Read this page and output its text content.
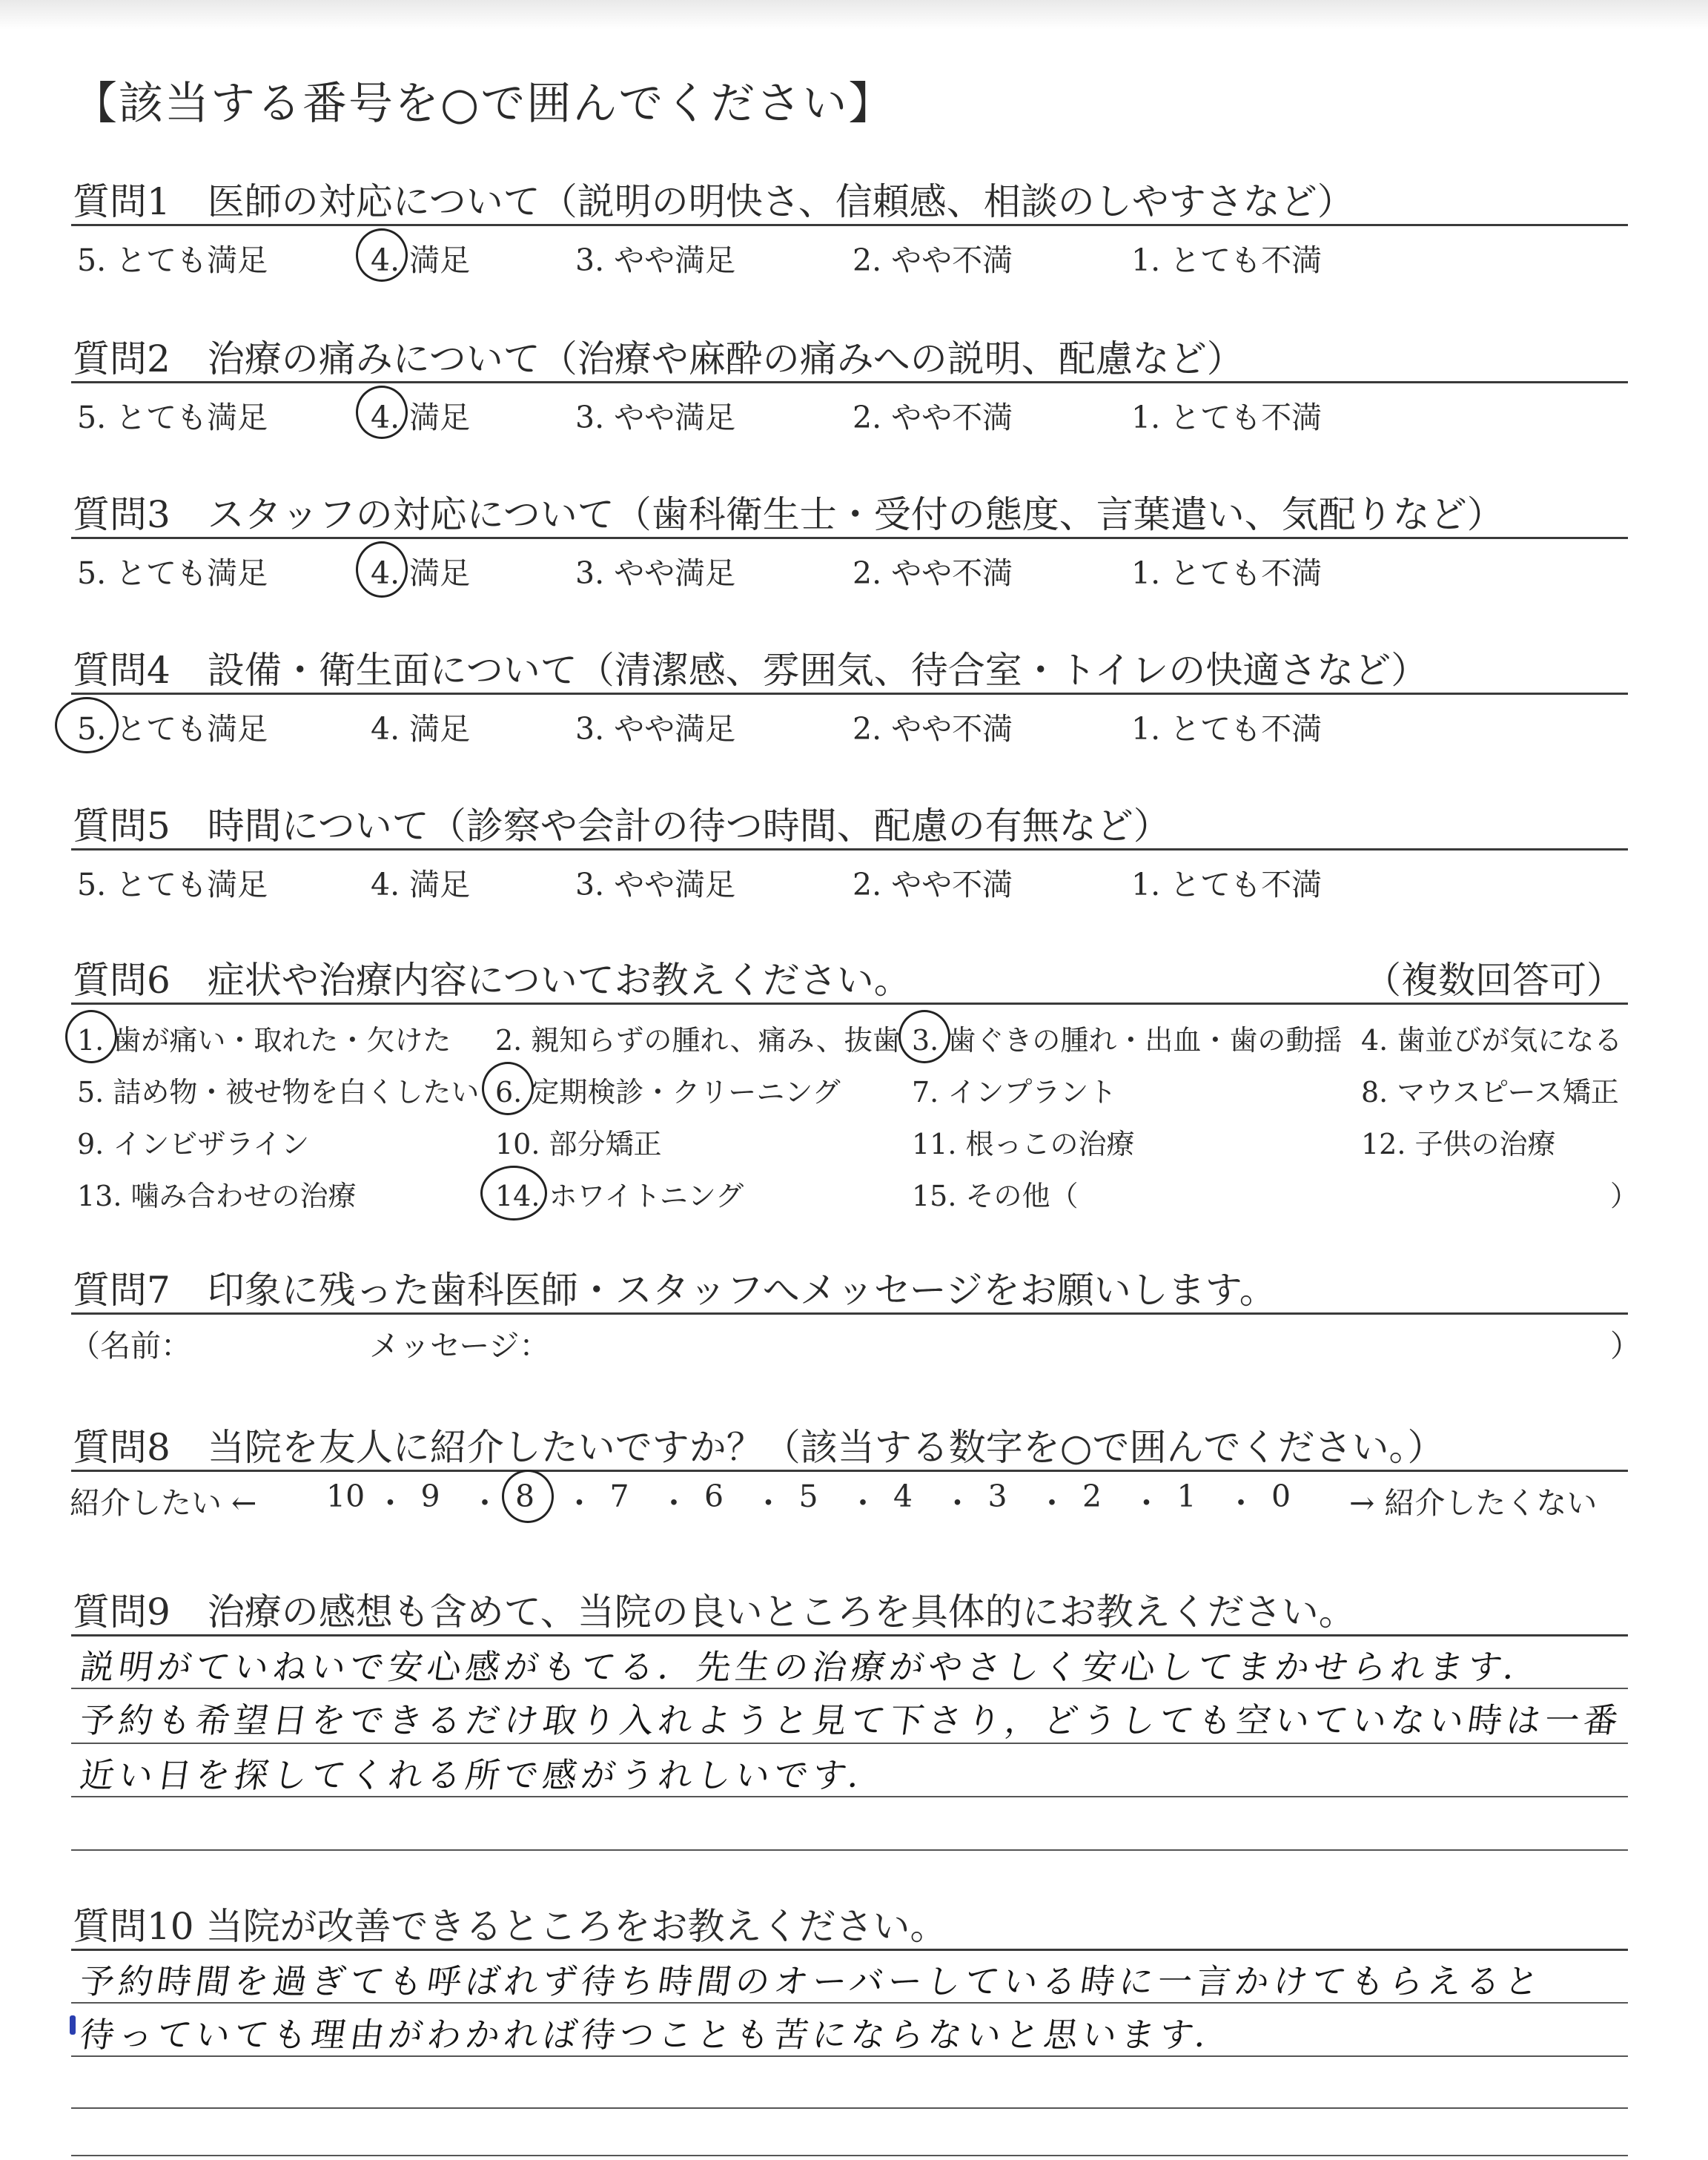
【該当する番号を○で囲んでください】
質問1　医師の対応について（説明の明快さ、信頼感、相談のしやすさなど）
5. とても満足	4. 満足	3. やや満足	2. やや不満	1. とても不満
質問2　治療の痛みについて（治療や麻酔の痛みへの説明、配慮など）
5. とても満足	4. 満足	3. やや満足	2. やや不満	1. とても不満
質問3　スタッフの対応について（歯科衛生士・受付の態度、言葉遣い、気配りなど）
5. とても満足	4. 満足	3. やや満足	2. やや不満	1. とても不満
質問4　設備・衛生面について（清潔感、雰囲気、待合室・トイレの快適さなど）
5. とても満足	4. 満足	3. やや満足	2. やや不満	1. とても不満
質問5　時間について（診察や会計の待つ時間、配慮の有無など）
5. とても満足	4. 満足	3. やや満足	2. やや不満	1. とても不満
質問6　症状や治療内容についてお教えください。	（複数回答可）
1. 歯が痛い・取れた・欠けた 2. 親知らずの腫れ、痛み、抜歯 3. 歯ぐきの腫れ・出血・歯の動揺 4. 歯並びが気になる
5. 詰め物・被せ物を白くしたい 6. 定期検診・クリーニング	7. インプラント	8. マウスピース矯正
9. インビザライン	10. 部分矯正	11. 根っこの治療	12. 子供の治療
13. 噛み合わせの治療	14. ホワイトニング	15. その他（	）
質問7　印象に残った歯科医師・スタッフへメッセージをお願いします。
（名前：	メッセージ：	）
質問8　当院を友人に紹介したいですか？（該当する数字を○で囲んでください。）
紹介したい ←	→ 紹介したくない
10 ・ 9 ・ 8 ・ 7 ・ 6 ・ 5 ・ 4 ・ 3 ・ 2 ・ 1 ・ 0
質問9　治療の感想も含めて、当院の良いところを具体的にお教えください。
説明がていねいで安心感がもてる．先生の治療がやさしく安心してまかせられます．
予約も希望日をできるだけ取り入れようと見て下さり，どうしても空いていない時は一番
近い日を探してくれる所で感がうれしいです．
質問10 当院が改善できるところをお教えください。
予約時間を過ぎても呼ばれず待ち時間のオーバーしている時に一言かけてもらえると
待っていても理由がわかれば待つことも苦にならないと思います．
